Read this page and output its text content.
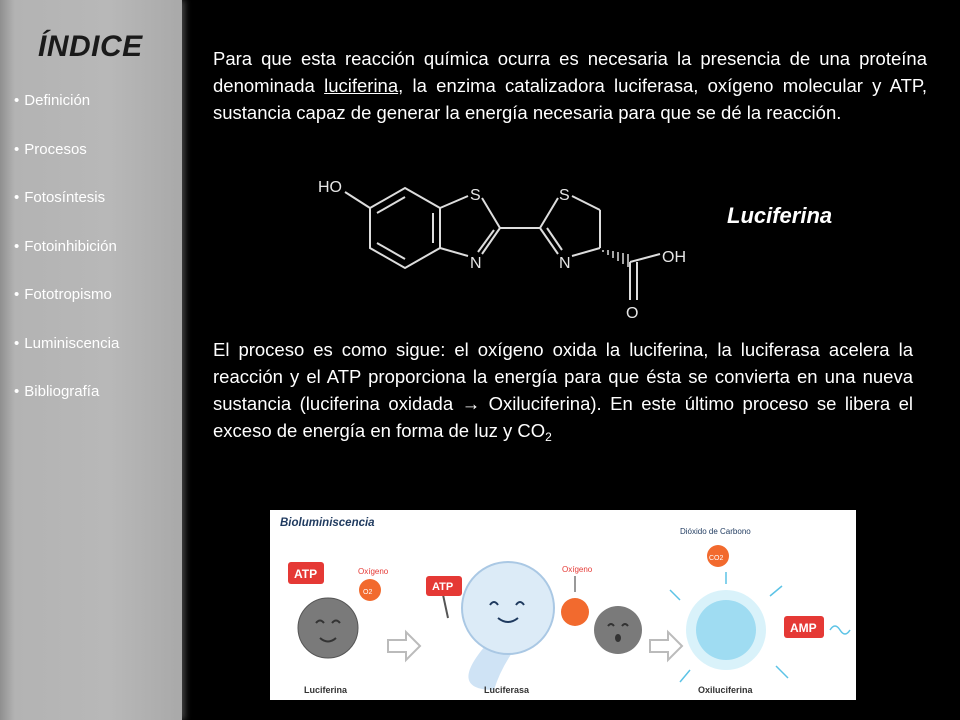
ÍNDICE
• Definición
• Procesos
• Fotosíntesis
• Fotoinhibición
• Fototropismo
• Luminiscencia
• Bibliografía
Para que esta reacción química ocurra es necesaria la presencia de una proteína denominada luciferina, la enzima catalizadora luciferasa, oxígeno molecular y ATP, sustancia capaz de generar la energía necesaria para que se dé la reacción.
HO	S	S
N	N	OH
O
Luciferina
El proceso es como sigue: el oxígeno oxida la luciferina, la luciferasa acelera la reacción y el ATP proporciona la energía para que ésta se convierta en una nueva sustancia (luciferina oxidada → Oxiluciferina). En este último proceso se libera el exceso de energía en forma de luz y $CO_2$
ATP	Oxígeno
O2	ATP
Oxígeno
Dióxido de Carbono
CO2
AMP
Bioluminiscencia
Luciferina	Luciferasa	Oxiluciferina
